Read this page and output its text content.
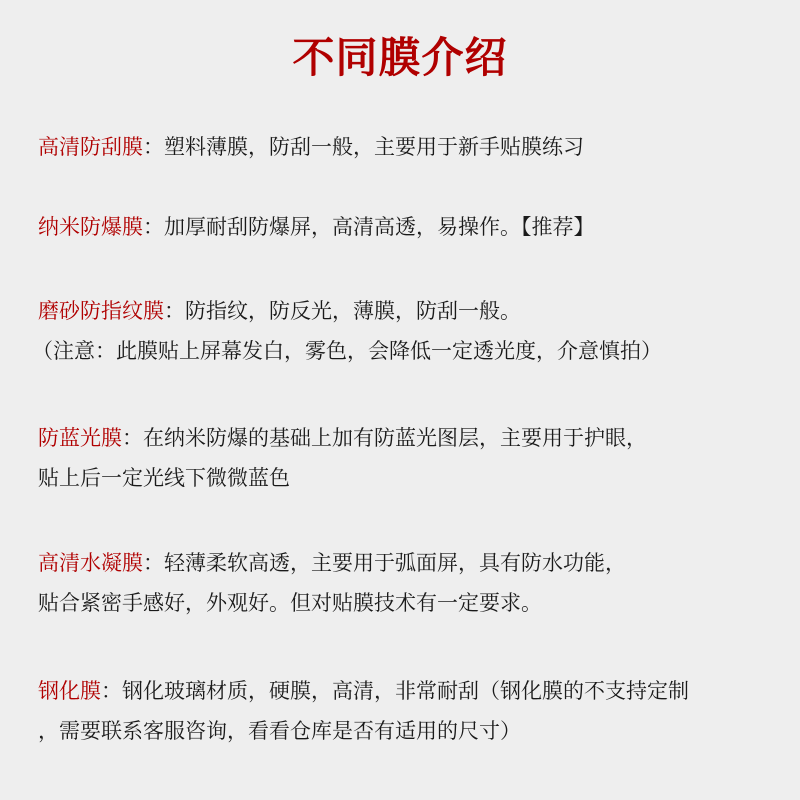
不同膜介绍
高清防刮膜：塑料薄膜，防刮一般，主要用于新手贴膜练习
纳米防爆膜：加厚耐刮防爆屏，高清高透，易操作。【推荐】
磨砂防指纹膜：防指纹，防反光，薄膜，防刮一般。
（注意：此膜贴上屏幕发白，雾色，会降低一定透光度，介意慎拍）
防蓝光膜：在纳米防爆的基础上加有防蓝光图层，主要用于护眼，
贴上后一定光线下微微蓝色
高清水凝膜：轻薄柔软高透，主要用于弧面屏，具有防水功能，
贴合紧密手感好，外观好。但对贴膜技术有一定要求。
钢化膜：钢化玻璃材质，硬膜，高清，非常耐刮（钢化膜的不支持定制
，需要联系客服咨询，看看仓库是否有适用的尺寸）
